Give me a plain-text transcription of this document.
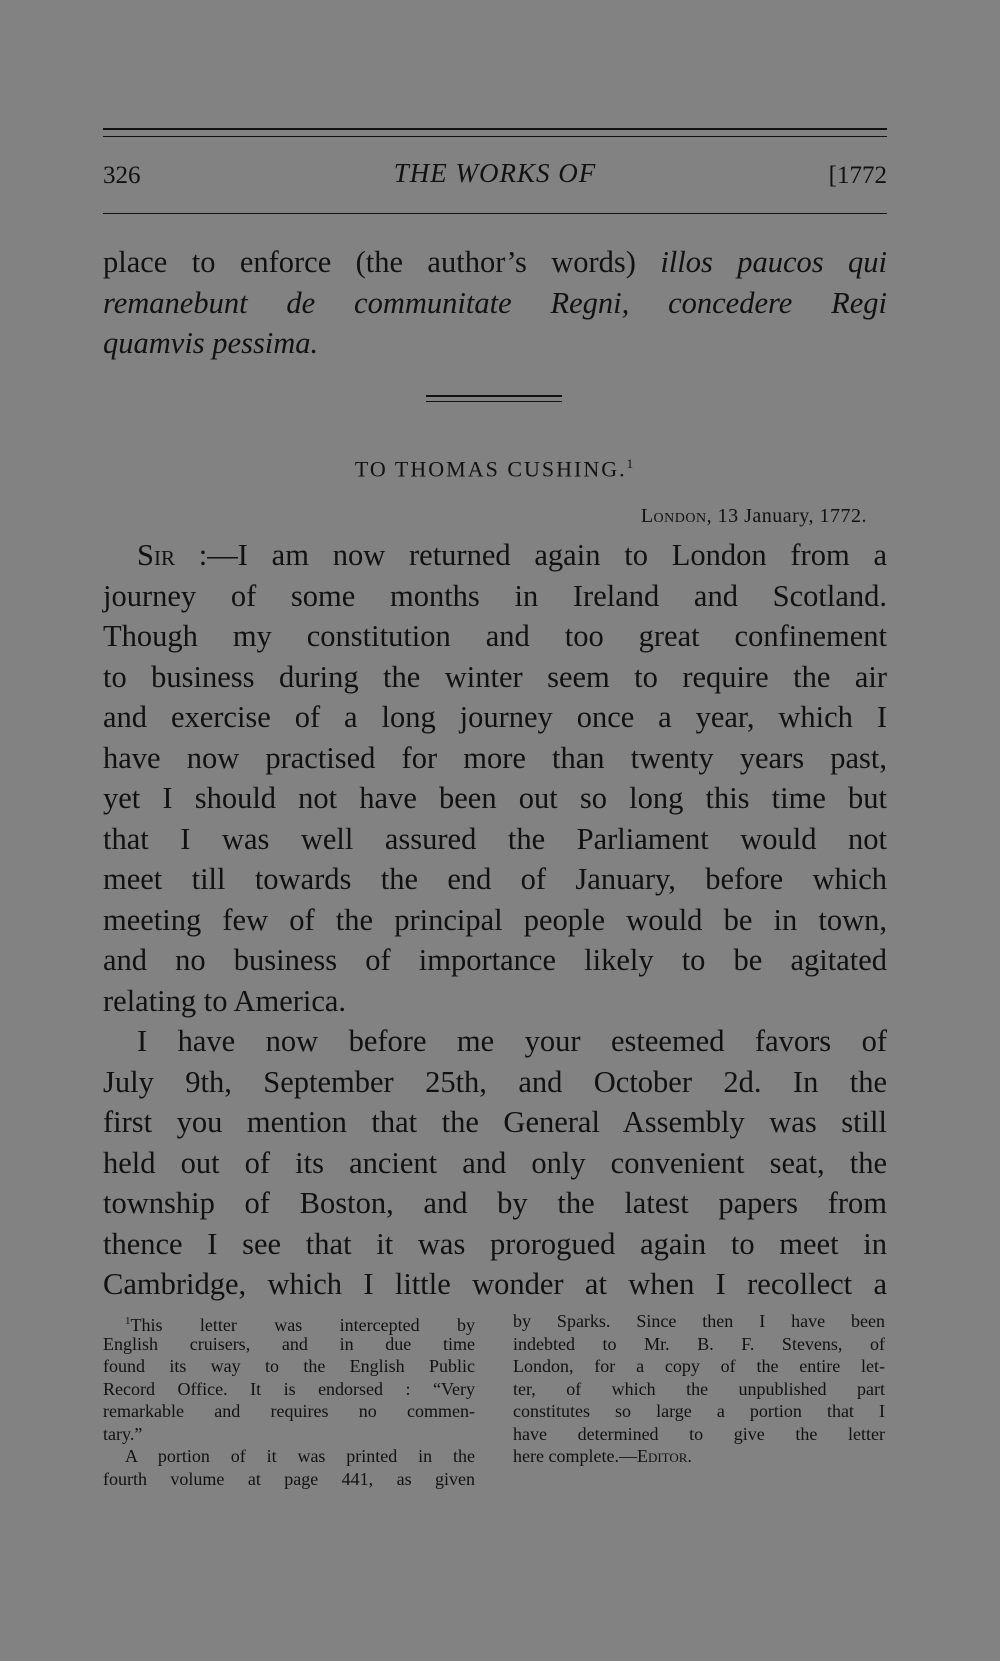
326	THE WORKS OF	[1772
place to enforce (the author’s words) illos paucos qui
remanebunt de communitate Regni, concedere Regi
quamvis pessima.
TO THOMAS CUSHING.$^1$
London, 13 January, 1772.
Sir :—I am now returned again to London from a
journey of some months in Ireland and Scotland.
Though my constitution and too great confinement
to business during the winter seem to require the air
and exercise of a long journey once a year, which I
have now practised for more than twenty years past,
yet I should not have been out so long this time but
that I was well assured the Parliament would not
meet till towards the end of January, before which
meeting few of the principal people would be in town,
and no business of importance likely to be agitated
relating to America.
I have now before me your esteemed favors of
July 9th, September 25th, and October 2d. In the
first you mention that the General Assembly was still
held out of its ancient and only convenient seat, the
township of Boston, and by the latest papers from
thence I see that it was prorogued again to meet in
Cambridge, which I little wonder at when I recollect a
$^1$This letter was intercepted by
English cruisers, and in due time
found its way to the English Public
Record Office. It is endorsed : “Very
remarkable and requires no commen-
tary.”
A portion of it was printed in the
fourth volume at page 441, as given
by Sparks. Since then I have been
indebted to Mr. B. F. Stevens, of
London, for a copy of the entire let-
ter, of which the unpublished part
constitutes so large a portion that I
have determined to give the letter
here complete.—Editor.
